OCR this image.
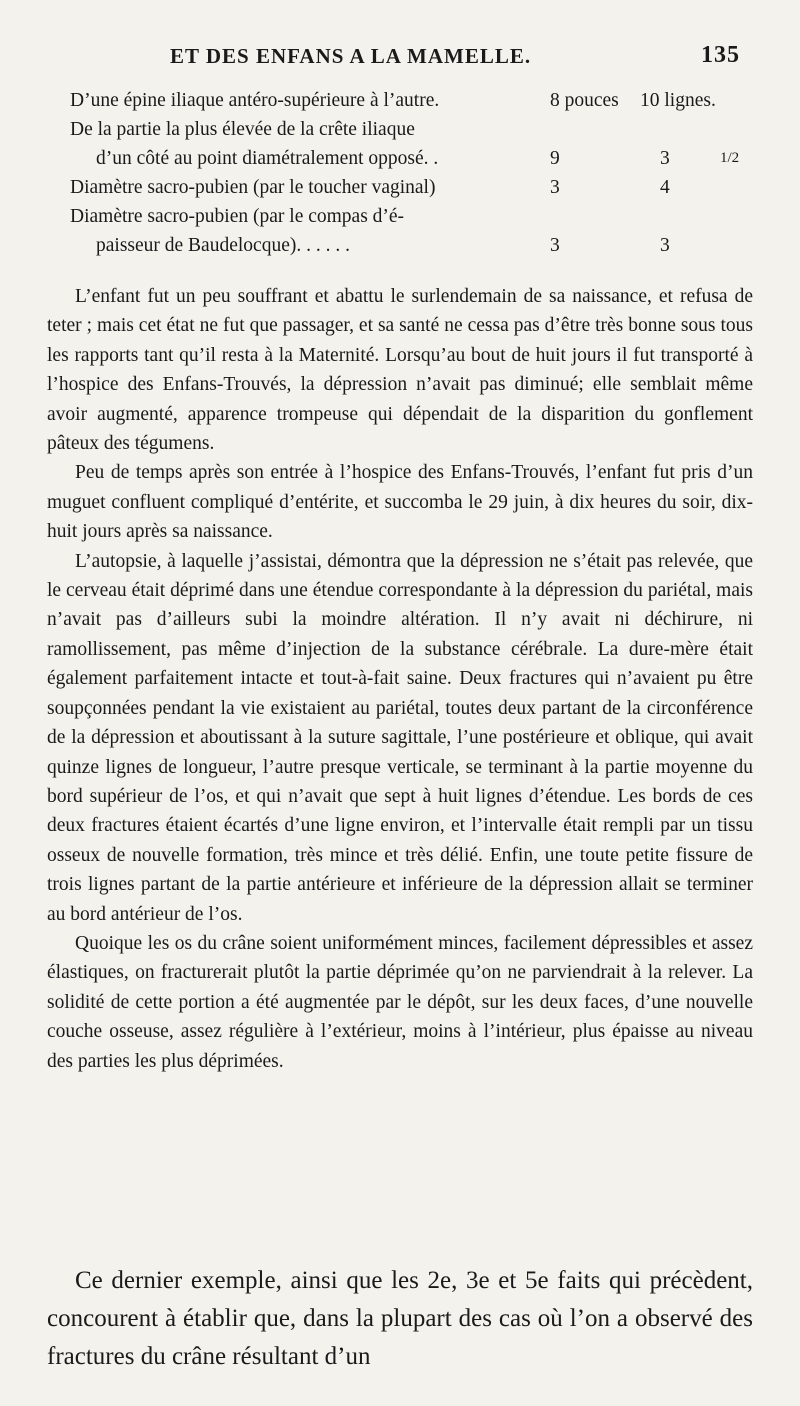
ET DES ENFANS A LA MAMELLE.	135
D’une épine iliaque antéro-supérieure à l’autre.	8 pouces 10 lignes.
De la partie la plus élevée de la crête iliaque
d’un côté au point diamétralement opposé. .	9	3	1/2
Diamètre sacro-pubien (par le toucher vaginal)	3	4
Diamètre sacro-pubien (par le compas d’é-
paisseur de Baudelocque). . . . . .	3	3

L’enfant fut un peu souffrant et abattu le surlendemain de sa naissance, et refusa de teter ; mais cet état ne fut que passager, et sa santé ne cessa pas d’être très bonne sous tous les rapports tant qu’il resta à la Maternité. Lorsqu’au bout de huit jours il fut transporté à l’hospice des Enfans-Trouvés, la dépression n’avait pas diminué; elle semblait même avoir augmenté, apparence trompeuse qui dépendait de la disparition du gonflement pâteux des tégumens.

Peu de temps après son entrée à l’hospice des Enfans-Trouvés, l’enfant fut pris d’un muguet confluent compliqué d’entérite, et succomba le 29 juin, à dix heures du soir, dix-huit jours après sa naissance.

L’autopsie, à laquelle j’assistai, démontra que la dépression ne s’était pas relevée, que le cerveau était déprimé dans une étendue correspondante à la dépression du pariétal, mais n’avait pas d’ailleurs subi la moindre altération. Il n’y avait ni déchirure, ni ramollissement, pas même d’injection de la substance cérébrale. La dure-mère était également parfaitement intacte et tout-à-fait saine. Deux fractures qui n’avaient pu être soupçonnées pendant la vie existaient au pariétal, toutes deux partant de la circonférence de la dépression et aboutissant à la suture sagittale, l’une postérieure et oblique, qui avait quinze lignes de longueur, l’autre presque verticale, se terminant à la partie moyenne du bord supérieur de l’os, et qui n’avait que sept à huit lignes d’étendue. Les bords de ces deux fractures étaient écartés d’une ligne environ, et l’intervalle était rempli par un tissu osseux de nouvelle formation, très mince et très délié. Enfin, une toute petite fissure de trois lignes partant de la partie antérieure et inférieure de la dépression allait se terminer au bord antérieur de l’os.

Quoique les os du crâne soient uniformément minces, facilement dépressibles et assez élastiques, on fracturerait plutôt la partie déprimée qu’on ne parviendrait à la relever. La solidité de cette portion a été augmentée par le dépôt, sur les deux faces, d’une nouvelle couche osseuse, assez régulière à l’extérieur, moins à l’intérieur, plus épaisse au niveau des parties les plus déprimées.

Ce dernier exemple, ainsi que les 2e, 3e et 5e faits qui précèdent, concourent à établir que, dans la plupart des cas où l’on a observé des fractures du crâne résultant d’un
